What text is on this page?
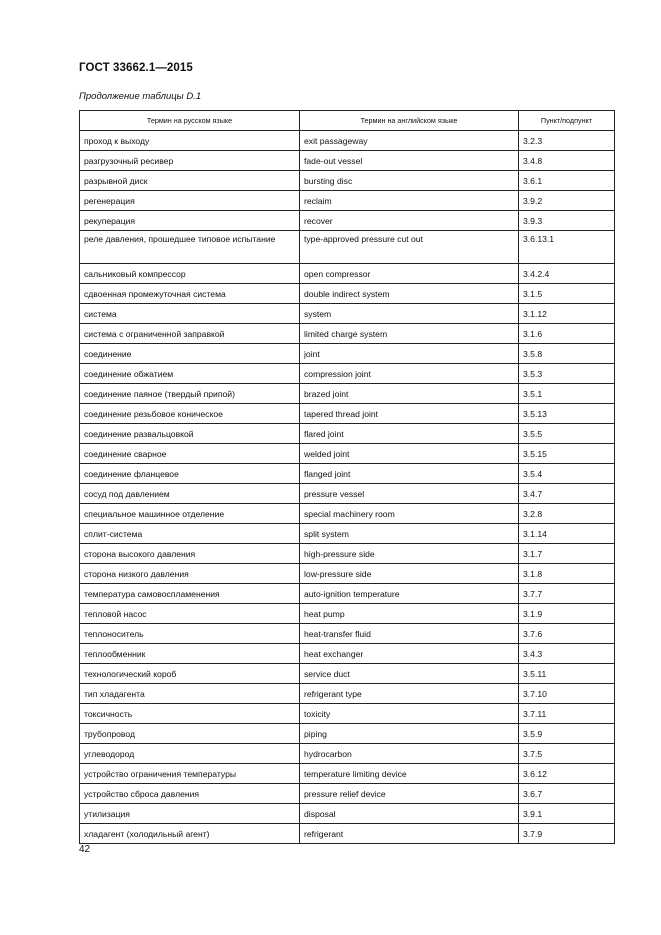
ГОСТ 33662.1—2015
Продолжение таблицы D.1
Термин на русском языке	Термин на английском языке	Пункт/подпункт
проход к выходу	exit passageway	3.2.3
разгрузочный ресивер	fade-out vessel	3.4.8
разрывной диск	bursting disc	3.6.1
регенерация	reclaim	3.9.2
рекуперация	recover	3.9.3
реле давления, прошедшее типовое испытание	type-approved pressure cut out	3.6.13.1
сальниковый компрессор	open compressor	3.4.2.4
сдвоенная промежуточная система	double indirect system	3.1.5
система	system	3.1.12
система с ограниченной заправкой	limited charge system	3.1.6
соединение	joint	3.5.8
соединение обжатием	compression joint	3.5.3
соединение паяное (твердый припой)	brazed joint	3.5.1
соединение резьбовое коническое	tapered thread joint	3.5.13
соединение развальцовкой	flared joint	3.5.5
соединение сварное	welded joint	3.5.15
соединение фланцевое	flanged joint	3.5.4
сосуд под давлением	pressure vessel	3.4.7
специальное машинное отделение	special machinery room	3.2.8
сплит-система	split system	3.1.14
сторона высокого давления	high-pressure side	3.1.7
сторона низкого давления	low-pressure side	3.1.8
температура самовоспламенения	auto-ignition temperature	3.7.7
тепловой насос	heat pump	3.1.9
теплоноситель	heat-transfer fluid	3.7.6
теплообменник	heat exchanger	3.4.3
технологический короб	service duct	3.5.11
тип хладагента	refrigerant type	3.7.10
токсичность	toxicity	3.7.11
трубопровод	piping	3.5.9
углеводород	hydrocarbon	3.7.5
устройство ограничения температуры	temperature limiting device	3.6.12
устройство сброса давления	pressure relief device	3.6.7
утилизация	disposal	3.9.1
хладагент (холодильный агент)	refrigerant	3.7.9
42
